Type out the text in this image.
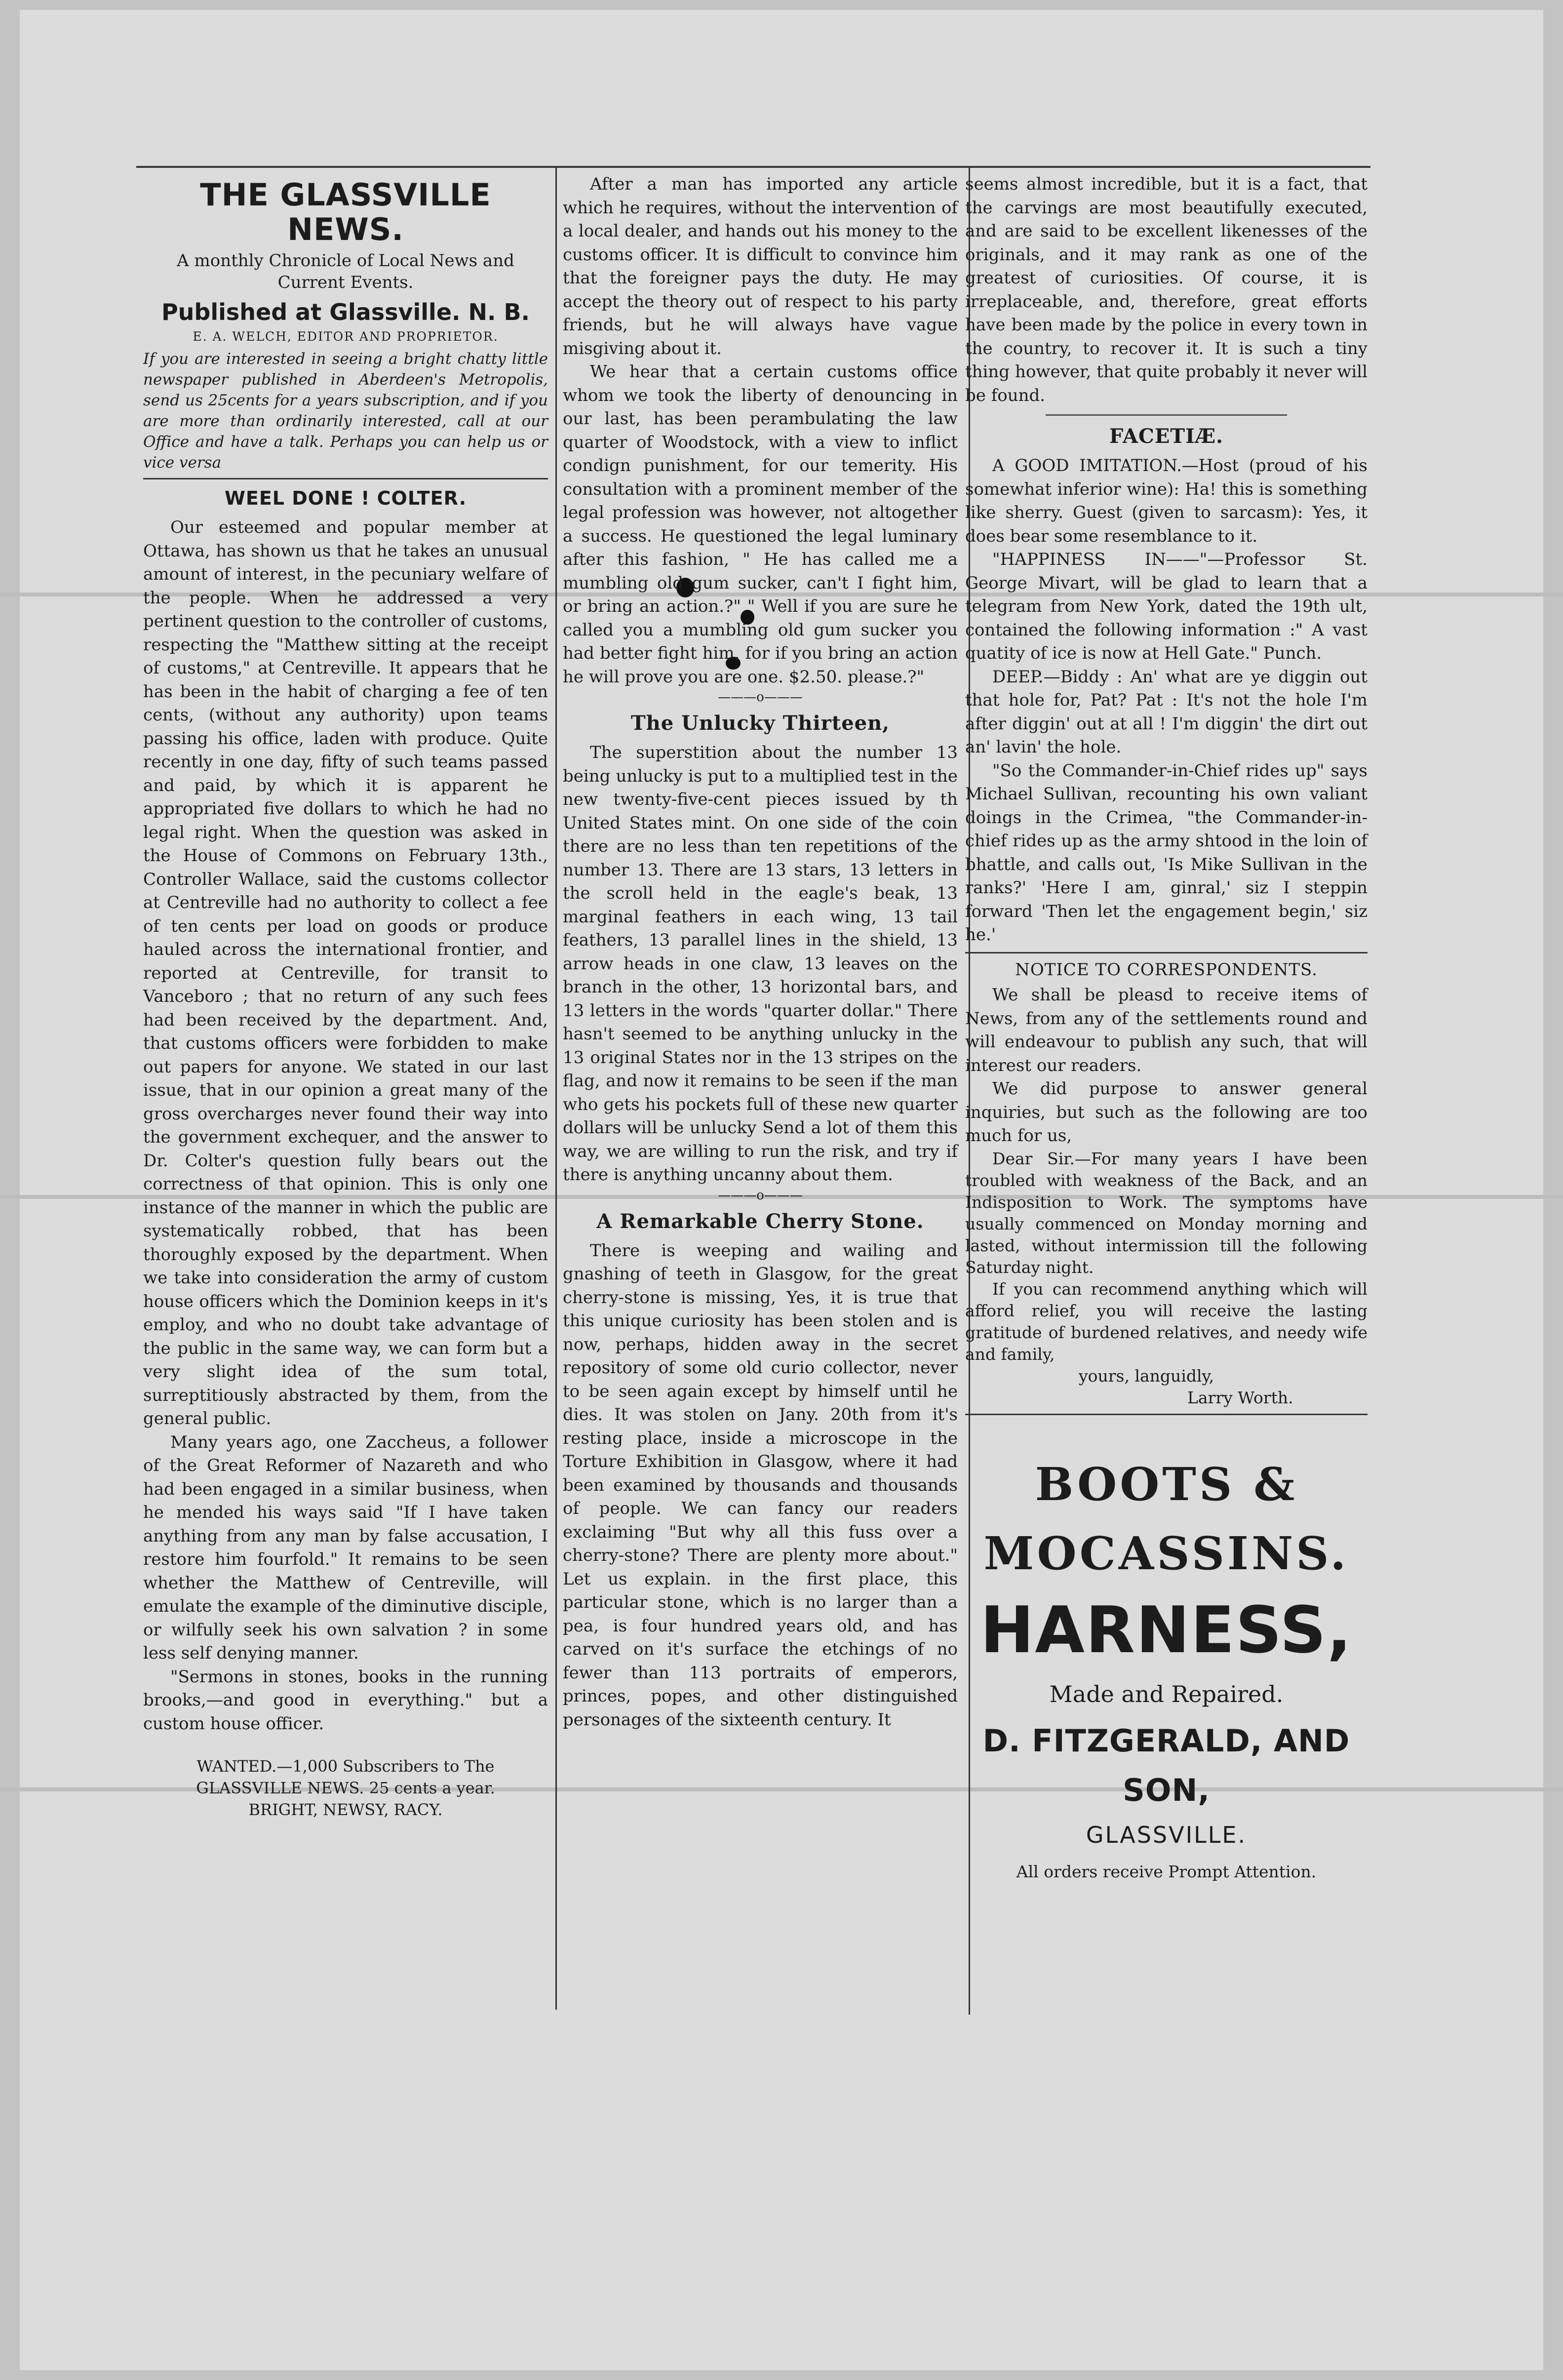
THE GLASSVILLE NEWS.
A monthly Chronicle of Local News and Current Events.
Published at Glassville. N. B.
E. A. WELCH, EDITOR AND PROPRIETOR.
If you are interested in seeing a bright chatty little newspaper published in Aberdeen's Metropolis, send us 25cents for a years subscription, and if you are more than ordinarily interested, call at our Office and have a talk. Perhaps you can help us or vice versa
WEEL DONE ! COLTER.

Our esteemed and popular member at Ottawa, has shown us that he takes an unusual amount of interest, in the pecuniary welfare of the people. When he addressed a very pertinent question to the controller of customs, respecting the "Matthew sitting at the receipt of customs," at Centreville. It appears that he has been in the habit of charging a fee of ten cents, (without any authority) upon teams passing his office, laden with produce. Quite recently in one day, fifty of such teams passed and paid, by which it is apparent he appropriated five dollars to which he had no legal right. When the question was asked in the House of Commons on February 13th., Controller Wallace, said the customs collector at Centreville had no authority to collect a fee of ten cents per load on goods or produce hauled across the international frontier, and reported at Centreville, for transit to Vanceboro ; that no return of any such fees had been received by the department. And, that customs officers were forbidden to make out papers for anyone. We stated in our last issue, that in our opinion a great many of the gross overcharges never found their way into the government exchequer, and the answer to Dr. Colter's question fully bears out the correctness of that opinion. This is only one instance of the manner in which the public are systematically robbed, that has been thoroughly exposed by the department. When we take into consideration the army of custom house officers which the Dominion keeps in it's employ, and who no doubt take advantage of the public in the same way, we can form but a very slight idea of the sum total, surreptitiously abstracted by them, from the general public.

Many years ago, one Zaccheus, a follower of the Great Reformer of Nazareth and who had been engaged in a similar business, when he mended his ways said "If I have taken anything from any man by false accusation, I restore him fourfold." It remains to be seen whether the Matthew of Centreville, will emulate the example of the diminutive disciple, or wilfully seek his own salvation ? in some less self denying manner.

"Sermons in stones, books in the running brooks,—and good in everything." but a custom house officer.

WANTED.—1,000 Subscribers to The
GLASSVILLE NEWS. 25 cents a year.
BRIGHT, NEWSY, RACY.

After a man has imported any article which he requires, without the intervention of a local dealer, and hands out his money to the customs officer. It is difficult to convince him that the foreigner pays the duty. He may accept the theory out of respect to his party friends, but he will always have vague misgiving about it.

We hear that a certain customs office whom we took the liberty of denouncing in our last, has been perambulating the law quarter of Woodstock, with a view to inflict condign punishment, for our temerity. His consultation with a prominent member of the legal profession was however, not altogether a success. He questioned the legal luminary after this fashion, " He has called me a mumbling old gum sucker, can't I fight him, or bring an action.?" " Well if you are sure he called you a mumbling old gum sucker you had better fight him, for if you bring an action he will prove you are one. $2.50. please.?"

———o———
The Unlucky Thirteen,

The superstition about the number 13 being unlucky is put to a multiplied test in the new twenty-five-cent pieces issued by th United States mint. On one side of the coin there are no less than ten repetitions of the number 13. There are 13 stars, 13 letters in the scroll held in the eagle's beak, 13 marginal feathers in each wing, 13 tail feathers, 13 parallel lines in the shield, 13 arrow heads in one claw, 13 leaves on the branch in the other, 13 horizontal bars, and 13 letters in the words "quarter dollar." There hasn't seemed to be anything unlucky in the 13 original States nor in the 13 stripes on the flag, and now it remains to be seen if the man who gets his pockets full of these new quarter dollars will be unlucky Send a lot of them this way, we are willing to run the risk, and try if there is anything uncanny about them.

———o———
A Remarkable Cherry Stone.

There is weeping and wailing and gnashing of teeth in Glasgow, for the great cherry-stone is missing, Yes, it is true that this unique curiosity has been stolen and is now, perhaps, hidden away in the secret repository of some old curio collector, never to be seen again except by himself until he dies. It was stolen on Jany. 20th from it's resting place, inside a microscope in the Torture Exhibition in Glasgow, where it had been examined by thousands and thousands of people. We can fancy our readers exclaiming "But why all this fuss over a cherry-stone? There are plenty more about." Let us explain. in the first place, this particular stone, which is no larger than a pea, is four hundred years old, and has carved on it's surface the etchings of no fewer than 113 portraits of emperors, princes, popes, and other distinguished personages of the sixteenth century. It

seems almost incredible, but it is a fact, that the carvings are most beautifully executed, and are said to be excellent likenesses of the originals, and it may rank as one of the greatest of curiosities. Of course, it is irreplaceable, and, therefore, great efforts have been made by the police in every town in the country, to recover it. It is such a tiny thing however, that quite probably it never will be found.

FACETIÆ.

A GOOD IMITATION.—Host (proud of his somewhat inferior wine): Ha! this is something like sherry. Guest (given to sarcasm): Yes, it does bear some resemblance to it.

"HAPPINESS IN——"—Professor St. George Mivart, will be glad to learn that a telegram from New York, dated the 19th ult, contained the following information :" A vast quatity of ice is now at Hell Gate." Punch.

DEEP.—Biddy : An' what are ye diggin out that hole for, Pat? Pat : It's not the hole I'm after diggin' out at all ! I'm diggin' the dirt out an' lavin' the hole.

"So the Commander-in-Chief rides up" says Michael Sullivan, recounting his own valiant doings in the Crimea, "the Commander-in-chief rides up as the army shtood in the loin of bhattle, and calls out, 'Is Mike Sullivan in the ranks?' 'Here I am, ginral,' siz I steppin forward 'Then let the engagement begin,' siz he.'

NOTICE TO CORRESPONDENTS.

We shall be pleasd to receive items of News, from any of the settlements round and will endeavour to publish any such, that will interest our readers.

We did purpose to answer general inquiries, but such as the following are too much for us,

Dear Sir.—For many years I have been troubled with weakness of the Back, and an Indisposition to Work. The symptoms have usually commenced on Monday morning and lasted, without intermission till the following Saturday night.

If you can recommend anything which will afford relief, you will receive the lasting gratitude of burdened relatives, and needy wife and family,

yours, languidly,
Larry Worth.
BOOTS &
MOCASSINS.
HARNESS,
Made and Repaired.
D. FITZGERALD, AND SON,
GLASSVILLE.
All orders receive Prompt Attention.
